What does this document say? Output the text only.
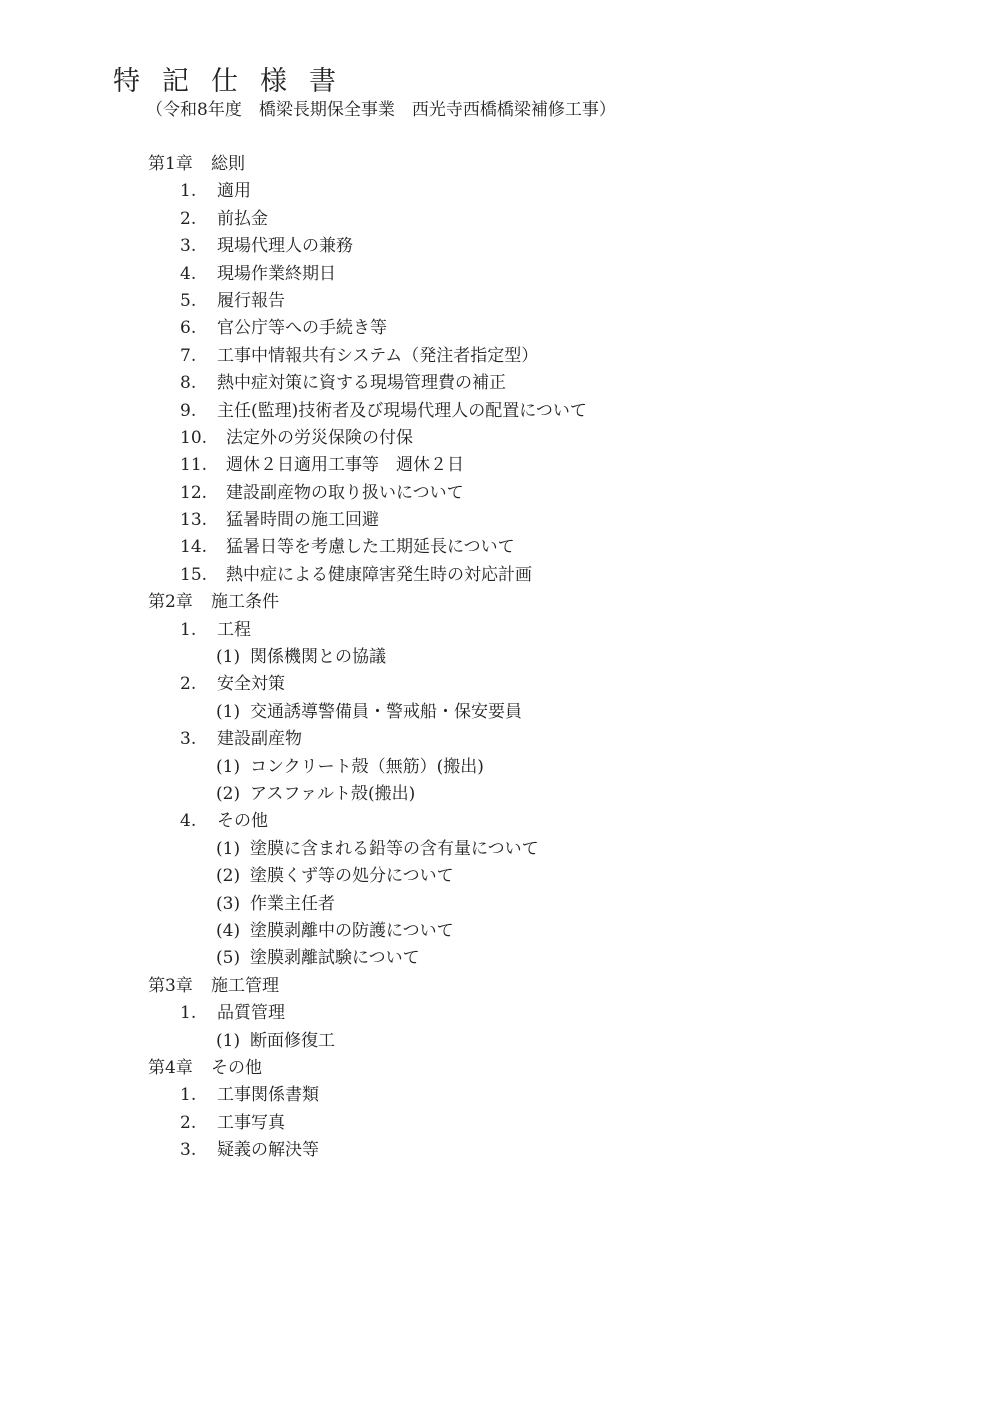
特記仕様書
（令和8年度　橋梁長期保全事業　西光寺西橋橋梁補修工事）
第1章 総則
1. 適用
2. 前払金
3. 現場代理人の兼務
4. 現場作業終期日
5. 履行報告
6. 官公庁等への手続き等
7. 工事中情報共有システム（発注者指定型）
8. 熱中症対策に資する現場管理費の補正
9. 主任(監理)技術者及び現場代理人の配置について
10. 法定外の労災保険の付保
11. 週休２日適用工事等　週休２日
12. 建設副産物の取り扱いについて
13. 猛暑時間の施工回避
14. 猛暑日等を考慮した工期延長について
15. 熱中症による健康障害発生時の対応計画
第2章 施工条件
1. 工程
(1) 関係機関との協議
2. 安全対策
(1) 交通誘導警備員・警戒船・保安要員
3. 建設副産物
(1) コンクリート殻（無筋）(搬出)
(2) アスファルト殻(搬出)
4. その他
(1) 塗膜に含まれる鉛等の含有量について
(2) 塗膜くず等の処分について
(3) 作業主任者
(4) 塗膜剥離中の防護について
(5) 塗膜剥離試験について
第3章 施工管理
1. 品質管理
(1) 断面修復工
第4章 その他
1. 工事関係書類
2. 工事写真
3. 疑義の解決等
